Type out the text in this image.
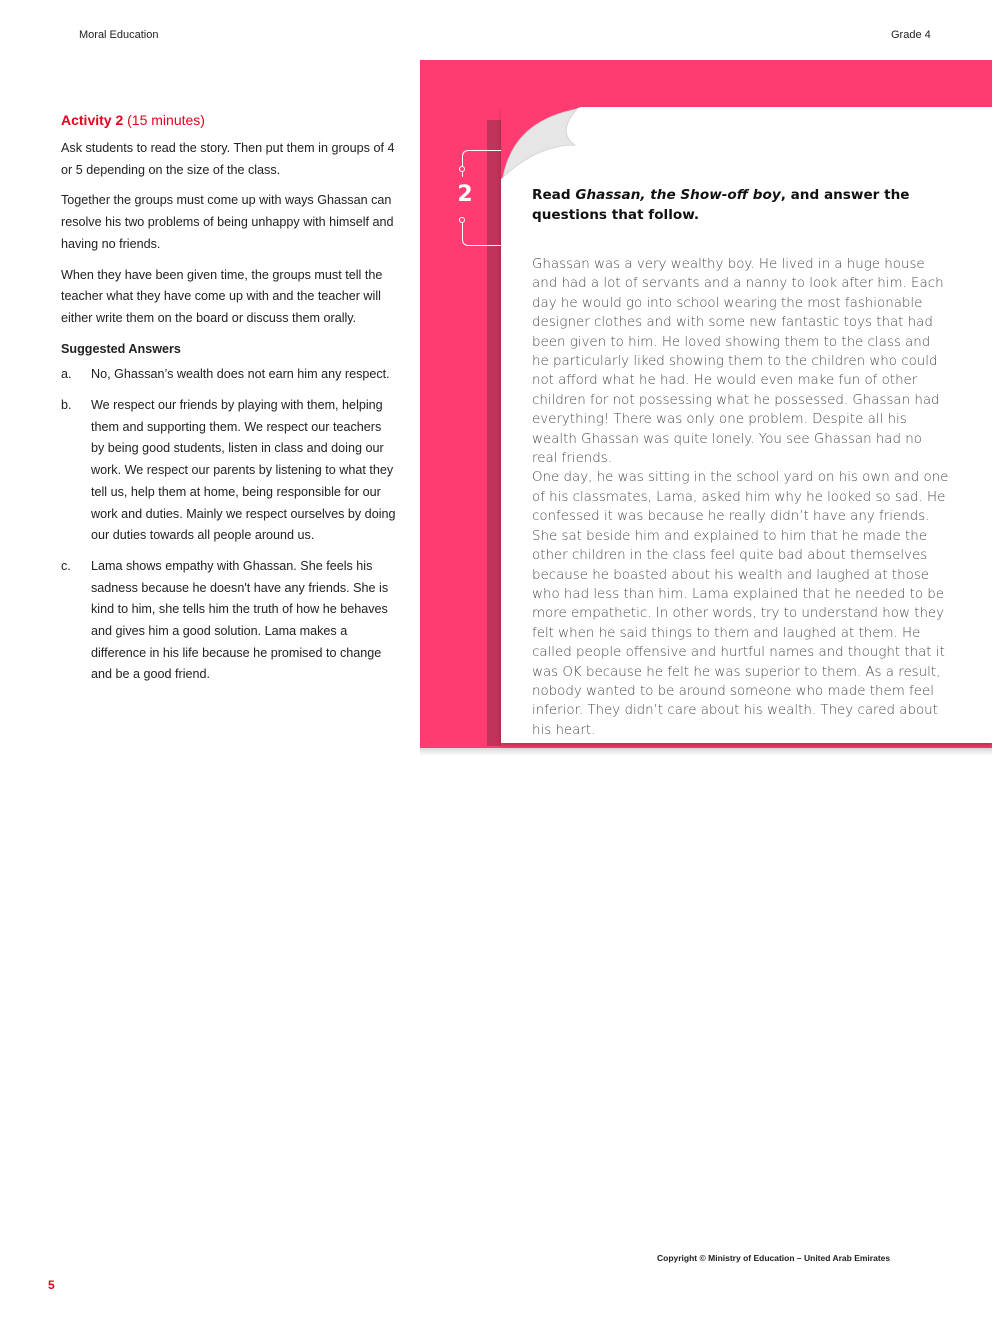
Moral Education	Grade 4
Activity 2 (15 minutes)

Ask students to read the story. Then put them in groups of 4 or 5 depending on the size of the class.

Together the groups must come up with ways Ghassan can resolve his two problems of being unhappy with himself and having no friends.

When they have been given time, the groups must tell the teacher what they have come up with and the teacher will either write them on the board or discuss them orally.

Suggested Answers
a. No, Ghassan’s wealth does not earn him any respect.
b. We respect our friends by playing with them, helping them and supporting them. We respect our teachers by being good students, listen in class and doing our work. We respect our parents by listening to what they tell us, help them at home, being responsible for our work and duties. Mainly we respect ourselves by doing our duties towards all people around us.
c. Lama shows empathy with Ghassan. She feels his sadness because he doesn't have any friends. She is kind to him, she tells him the truth of how he behaves and gives him a good solution. Lama makes a difference in his life because he promised to change and be a good friend.
2	Read Ghassan, the Show-off boy, and answer the questions that follow.

Ghassan was a very wealthy boy. He lived in a huge house and had a lot of servants and a nanny to look after him. Each day he would go into school wearing the most fashionable designer clothes and with some new fantastic toys that had been given to him. He loved showing them to the class and he particularly liked showing them to the children who could not afford what he had. He would even make fun of other children for not possessing what he possessed. Ghassan had everything! There was only one problem. Despite all his wealth Ghassan was quite lonely. You see Ghassan had no real friends.

One day, he was sitting in the school yard on his own and one of his classmates, Lama, asked him why he looked so sad. He confessed it was because he really didn’t have any friends. She sat beside him and explained to him that he made the other children in the class feel quite bad about themselves because he boasted about his wealth and laughed at those who had less than him. Lama explained that he needed to be more empathetic. In other words, try to understand how they felt when he said things to them and laughed at them. He called people offensive and hurtful names and thought that it was OK because he felt he was superior to them. As a result, nobody wanted to be around someone who made them feel inferior. They didn’t care about his wealth. They cared about his heart.

Copyright © Ministry of Education – United Arab Emirates
5
